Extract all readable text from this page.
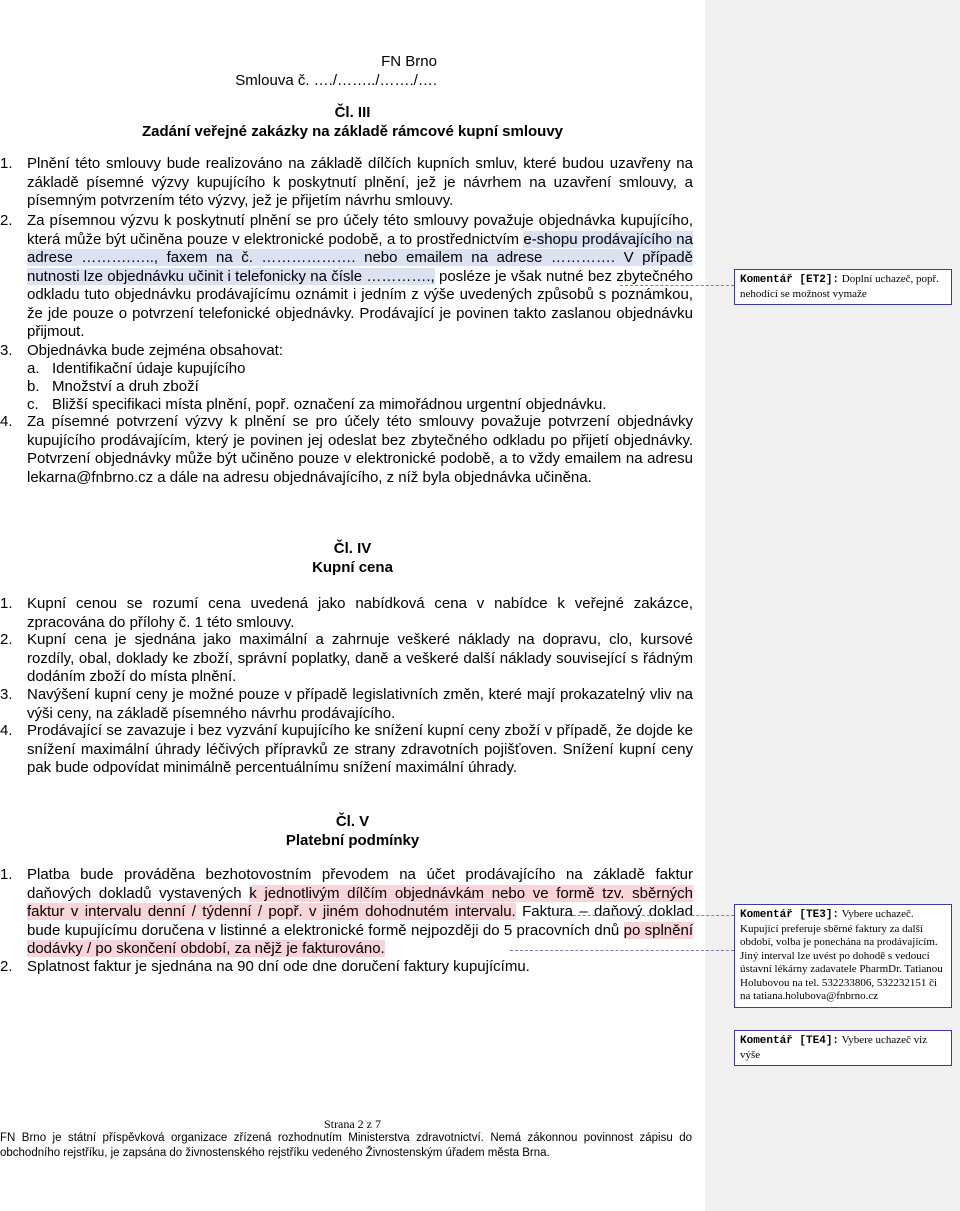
FN Brno
Smlouva č. …./……../……./….
Čl. III
Zadání veřejné zakázky na základě rámcové kupní smlouvy
1. Plnění této smlouvy bude realizováno na základě dílčích kupních smluv, které budou uzavřeny na základě písemné výzvy kupujícího k poskytnutí plnění, jež je návrhem na uzavření smlouvy, a písemným potvrzením této výzvy, jež je přijetím návrhu smlouvy.

2. Za písemnou výzvu k poskytnutí plnění se pro účely této smlouvy považuje objednávka kupujícího, která může být učiněna pouze v elektronické podobě, a to prostřednictvím e-shopu prodávajícího na adrese ……….….., faxem na č. ………………. nebo emailem na adrese …………. V případě nutnosti lze objednávku učinit i telefonicky na čísle …………., posléze je však nutné bez zbytečného odkladu tuto objednávku prodávajícímu oznámit i jedním z výše uvedených způsobů s poznámkou, že jde pouze o potvrzení telefonické objednávky. Prodávající je povinen takto zaslanou objednávku přijmout.

3. Objednávka bude zejména obsahovat:

a. Identifikační údaje kupujícího

b. Množství a druh zboží

c. Bližší specifikaci místa plnění, popř. označení za mimořádnou urgentní objednávku.

4. Za písemné potvrzení výzvy k plnění se pro účely této smlouvy považuje potvrzení objednávky kupujícího prodávajícím, který je povinen jej odeslat bez zbytečného odkladu po přijetí objednávky. Potvrzení objednávky může být učiněno pouze v elektronické podobě, a to vždy emailem na adresu lekarna@fnbrno.cz a dále na adresu objednávajícího, z níž byla objednávka učiněna.

Čl. IV
Kupní cena
1. Kupní cenou se rozumí cena uvedená jako nabídková cena v nabídce k veřejné zakázce, zpracována do přílohy č. 1 této smlouvy.

2. Kupní cena je sjednána jako maximální a zahrnuje veškeré náklady na dopravu, clo, kursové rozdíly, obal, doklady ke zboží, správní poplatky, daně a veškeré další náklady související s řádným dodáním zboží do místa plnění.

3. Navýšení kupní ceny je možné pouze v případě legislativních změn, které mají prokazatelný vliv na výši ceny, na základě písemného návrhu prodávajícího.

4. Prodávající se zavazuje i bez vyzvání kupujícího ke snížení kupní ceny zboží v případě, že dojde ke snížení maximální úhrady léčivých přípravků ze strany zdravotních pojišťoven. Snížení kupní ceny pak bude odpovídat minimálně percentuálnímu snížení maximální úhrady.

Čl. V
Platební podmínky
1. Platba bude prováděna bezhotovostním převodem na účet prodávajícího na základě faktur daňových dokladů vystavených k jednotlivým dílčím objednávkám nebo ve formě tzv. sběrných faktur v intervalu denní / týdenní / popř. v jiném dohodnutém intervalu. Faktura – daňový doklad bude kupujícímu doručena v listinné a elektronické formě nejpozději do 5 pracovních dnů po splnění dodávky / po skončení období, za nějž je fakturováno.

2. Splatnost faktur je sjednána na 90 dní ode dne doručení faktury kupujícímu.

Strana 2 z 7
FN Brno je státní příspěvková organizace zřízená rozhodnutím Ministerstva zdravotnictví. Nemá zákonnou povinnost zápisu do obchodního rejstříku, je zapsána do živnostenského rejstříku vedeného Živnostenským úřadem města Brna.
Komentář [ET2]: Doplní uchazeč, popř. nehodící se možnost vymaže
Komentář [TE3]: Vybere uchazeč. Kupující preferuje sběrné faktury za další období, volba je ponechána na prodávajícím. Jiný interval lze uvést po dohodě s vedoucí ústavní lékárny zadavatele PharmDr. Tatianou Holubovou na tel. 532233806, 532232151 či na tatiana.holubova@fnbrno.cz
Komentář [TE4]: Vybere uchazeč viz výše
